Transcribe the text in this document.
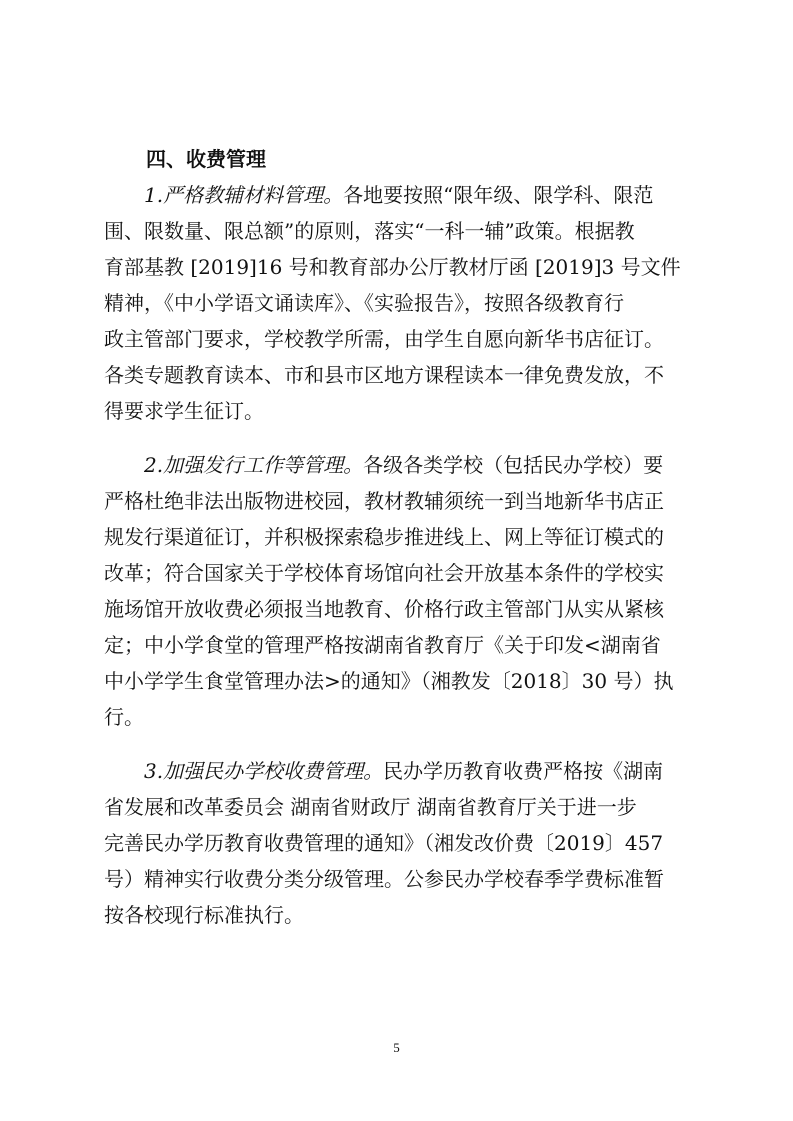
四、收费管理
1.严格教辅材料管理。各地要按照“限年级、限学科、限范
围、限数量、限总额”的原则，落实“一科一辅”政策。根据教
育部基教 [2019]16 号和教育部办公厅教材厅函 [2019]3 号文件
精神，《中小学语文诵读库》、《实验报告》，按照各级教育行
政主管部门要求，学校教学所需，由学生自愿向新华书店征订。
各类专题教育读本、市和县市区地方课程读本一律免费发放，不
得要求学生征订。
2.加强发行工作等管理。各级各类学校（包括民办学校）要
严格杜绝非法出版物进校园，教材教辅须统一到当地新华书店正
规发行渠道征订，并积极探索稳步推进线上、网上等征订模式的
改革；符合国家关于学校体育场馆向社会开放基本条件的学校实
施场馆开放收费必须报当地教育、价格行政主管部门从实从紧核
定；中小学食堂的管理严格按湖南省教育厅《关于印发<湖南省
中小学学生食堂管理办法>的通知》（湘教发〔2018〕30 号）执
行。
3.加强民办学校收费管理。民办学历教育收费严格按《湖南
省发展和改革委员会 湖南省财政厅 湖南省教育厅关于进一步
完善民办学历教育收费管理的通知》（湘发改价费〔2019〕457
号）精神实行收费分类分级管理。公参民办学校春季学费标准暂
按各校现行标准执行。
5
